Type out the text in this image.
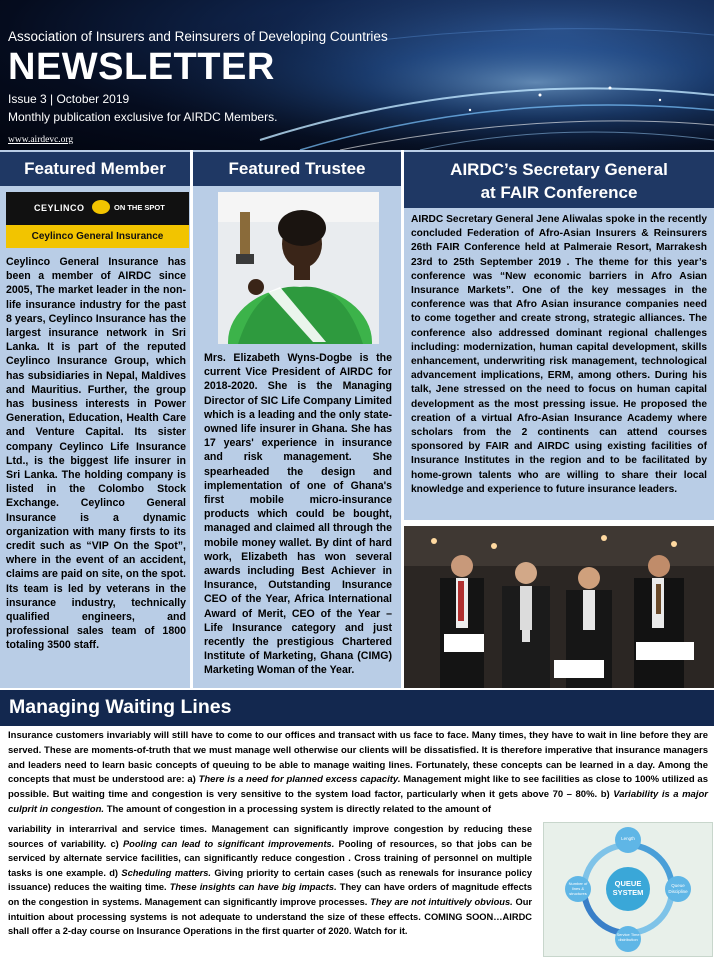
Association of Insurers and Reinsurers of Developing Countries
NEWSLETTER
Issue 3 | October 2019
Monthly publication exclusive for AIRDC Members.
www.airdevc.org
Featured Member
CEYLINCO	ON THE SPOT
Ceylinco General Insurance
Ceylinco General Insurance has been a member of AIRDC since 2005, The market leader in the non-life insurance industry for the past 8 years, Ceylinco Insurance has the largest insurance network in Sri Lanka. It is part of the reputed Ceylinco Insurance Group, which has subsidiaries in Nepal, Maldives and Mauritius. Further, the group has business interests in Power Generation, Education, Health Care and Venture Capital. Its sister company Ceylinco Life Insurance Ltd., is the biggest life insurer in Sri Lanka. The holding company is listed in the Colombo Stock Exchange. Ceylinco General Insurance is a dynamic organization with many firsts to its credit such as “VIP On the Spot”, where in the event of an accident, claims are paid on site, on the spot. Its team is led by veterans in the insurance industry, technically qualified engineers, and professional sales team of 1800 totaling 3500 staff.
Featured Trustee
Mrs. Elizabeth Wyns-Dogbe is the current Vice President of AIRDC for 2018-2020. She is the Managing Director of SIC Life Company Limited which is a leading and the only state-owned life insurer in Ghana. She has 17 years' experience in insurance and risk management. She spearheaded the design and implementation of one of Ghana's first mobile micro-insurance products which could be bought, managed and claimed all through the mobile money wallet. By dint of hard work, Elizabeth has won several awards including Best Achiever in Insurance, Outstanding Insurance CEO of the Year, Africa International Award of Merit, CEO of the Year – Life Insurance category and just recently the prestigious Chartered Institute of Marketing, Ghana (CIMG) Marketing Woman of the Year.
AIRDC’s Secretary General
at FAIR Conference
AIRDC Secretary General Jene Aliwalas spoke in the recently concluded Federation of Afro-Asian Insurers & Reinsurers 26th FAIR Conference held at Palmeraie Resort, Marrakesh 23rd to 25th September 2019 . The theme for this year’s conference was “New economic barriers in Afro Asian Insurance Markets”. One of the key messages in the conference was that Afro Asian insurance companies need to come together and create strong, strategic alliances. The conference also addressed dominant regional challenges including: modernization, human capital development, skills enhancement, underwriting risk management, technological advancement implications, ERM, among others. During his talk, Jene stressed on the need to focus on human capital development as the most pressing issue. He proposed the creation of a virtual Afro-Asian Insurance Academy where scholars from the 2 continents can attend courses sponsored by FAIR and AIRDC using existing facilities of Insurance Institutes in the region and to be facilitated by home-grown talents who are willing to share their local knowledge and experience to future insurance leaders.
Managing Waiting Lines
Insurance customers invariably will still have to come to our offices and transact with us face to face. Many times, they have to wait in line before they are served. These are moments-of-truth that we must manage well otherwise our clients will be dissatisfied. It is therefore imperative that insurance managers and leaders need to learn basic concepts of queuing to be able to manage waiting lines. Fortunately, these concepts can be learned in a day. Among the concepts that must be understood are: a) There is a need for planned excess capacity. Management might like to see facilities as close to 100% utilized as possible. But waiting time and congestion is very sensitive to the system load factor, particularly when it gets above 70 – 80%. b) Variability is a major culprit in congestion. The amount of congestion in a processing system is directly related to the amount of
variability in interarrival and service times. Management can significantly improve congestion by reducing these sources of variability. c) Pooling can lead to significant improvements. Pooling of resources, so that jobs can be serviced by alternate service facilities, can significantly reduce congestion . Cross training of personnel on multiple tasks is one example. d) Scheduling matters. Giving priority to certain cases (such as renewals for insurance policy issuance) reduces the waiting time. These insights can have big impacts. They can have orders of magnitude effects on the congestion in systems. Management can significantly improve processes. They are not intuitively obvious. Our intuition about processing systems is not adequate to understand the size of these effects. COMING SOON…AIRDC shall offer a 2-day course on Insurance Operations in the first quarter of 2020. Watch for it.
QUEUE SYSTEM
Length
Queue Discipline
Service Time distribution
Number of lines & structures
